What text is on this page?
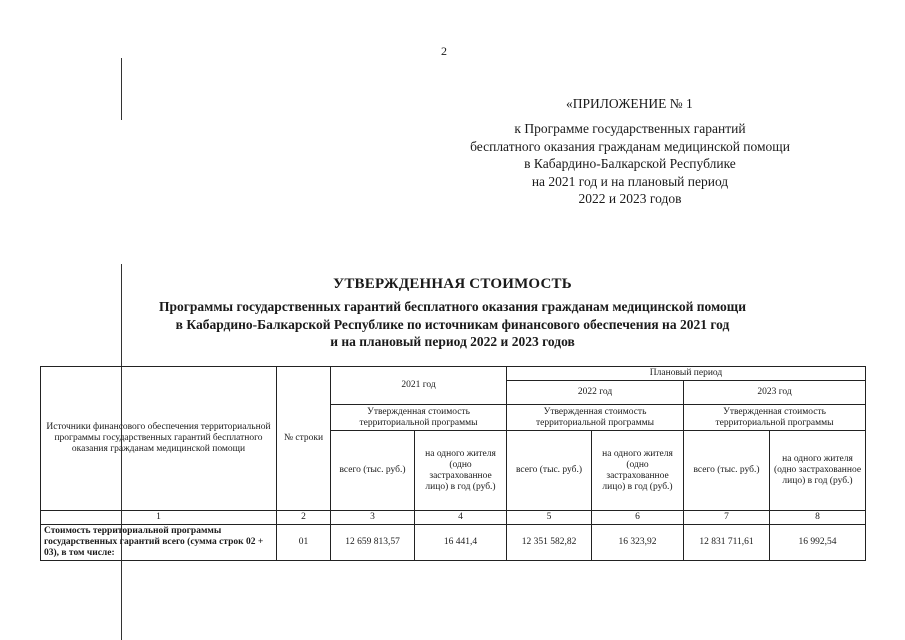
2
«ПРИЛОЖЕНИЕ № 1
к Программе государственных гарантий
бесплатного оказания гражданам медицинской помощи
в Кабардино-Балкарской Республике
на 2021 год и на плановый период
2022 и 2023 годов
УТВЕРЖДЕННАЯ СТОИМОСТЬ
Программы государственных гарантий бесплатного оказания гражданам медицинской помощи
в Кабардино-Балкарской Республике по источникам финансового обеспечения на 2021 год
и на плановый период 2022 и 2023 годов
Источники финансового обеспечения территориальной программы государственных гарантий бесплатного оказания гражданам медицинской помощи	№ строки	2021 год		Плановый период			
				2022 год		2023 год	
		Утвержденная стоимость территориальной программы		Утвержденная стоимость территориальной программы		Утвержденная стоимость территориальной программы	
		всего (тыс. руб.)	на одного жителя (одно застрахованное лицо) в год (руб.)	всего (тыс. руб.)	на одного жителя (одно застрахованное лицо) в год (руб.)	всего (тыс. руб.)	на одного жителя (одно застрахованное лицо) в год (руб.)
1	2	3	4	5	6	7	8
Стоимость территориальной программы государственных гарантий всего (сумма строк 02 + 03), в том числе:	01	12 659 813,57	16 441,4	12 351 582,82	16 323,92	12 831 711,61	16 992,54
